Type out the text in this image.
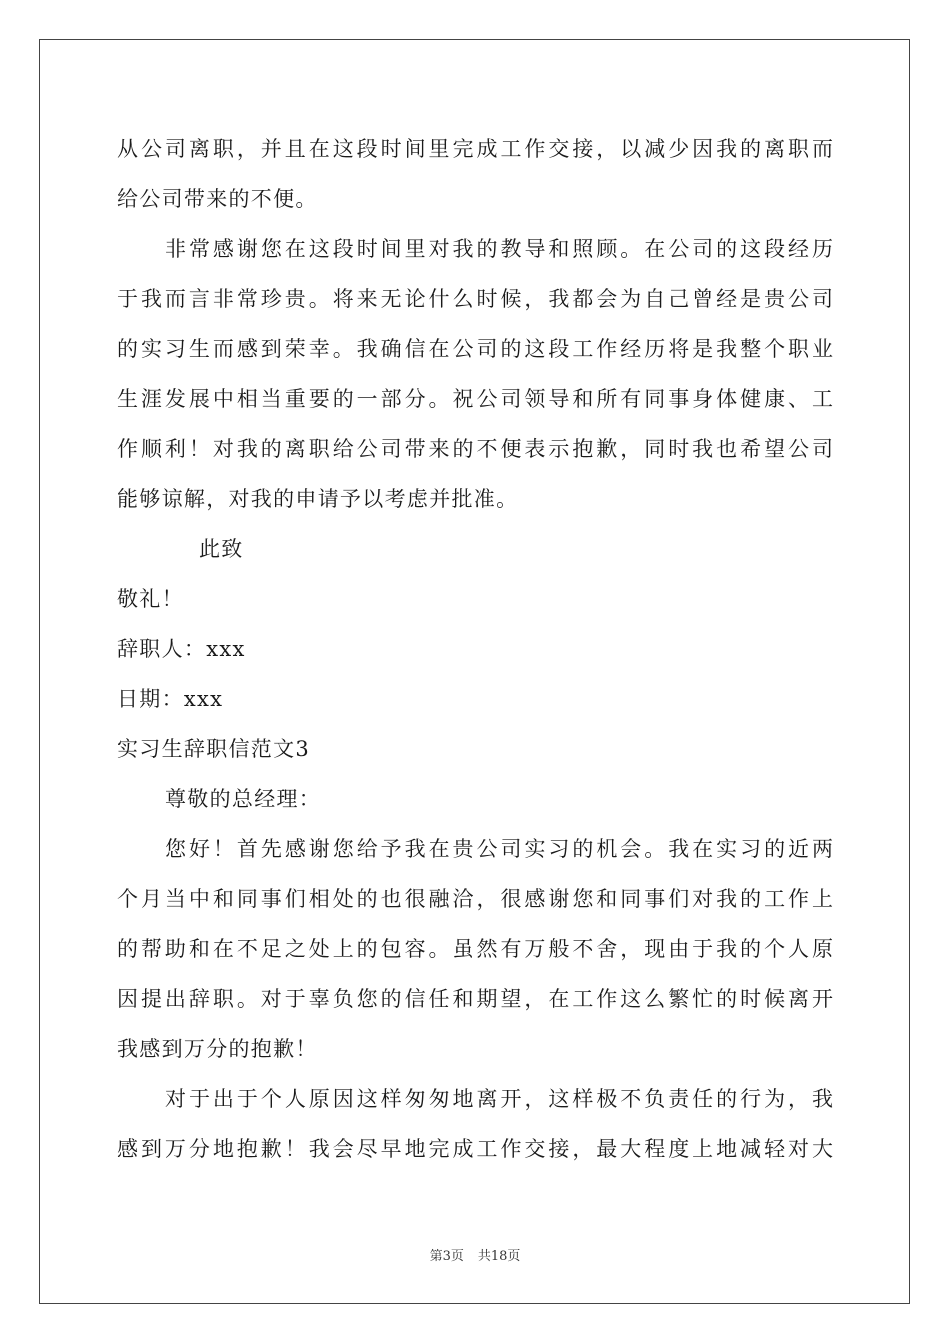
从公司离职，并且在这段时间里完成工作交接，以减少因我的离职而
给公司带来的不便。
非常感谢您在这段时间里对我的教导和照顾。在公司的这段经历
于我而言非常珍贵。将来无论什么时候，我都会为自己曾经是贵公司
的实习生而感到荣幸。我确信在公司的这段工作经历将是我整个职业
生涯发展中相当重要的一部分。祝公司领导和所有同事身体健康、工
作顺利！对我的离职给公司带来的不便表示抱歉，同时我也希望公司
能够谅解，对我的申请予以考虑并批准。
此致
敬礼！
辞职人：xxx
日期：xxx
实习生辞职信范文3
尊敬的总经理：
您好！首先感谢您给予我在贵公司实习的机会。我在实习的近两
个月当中和同事们相处的也很融洽，很感谢您和同事们对我的工作上
的帮助和在不足之处上的包容。虽然有万般不舍，现由于我的个人原
因提出辞职。对于辜负您的信任和期望，在工作这么繁忙的时候离开
我感到万分的抱歉！
对于出于个人原因这样匆匆地离开，这样极不负责任的行为，我
感到万分地抱歉！我会尽早地完成工作交接，最大程度上地减轻对大
第3页 共18页
